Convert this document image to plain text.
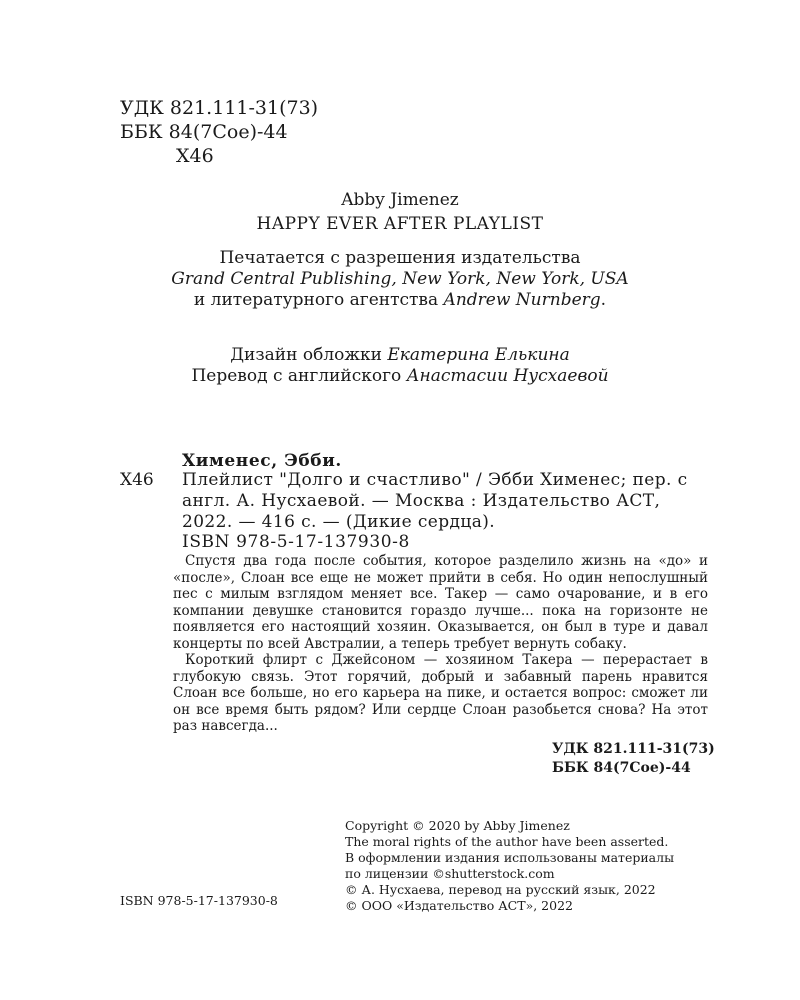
УДК 821.111-31(73)
ББК 84(7Сое)-44
Х46
Abby Jimenez
HAPPY EVER AFTER PLAYLIST
Печатается с разрешения издательства
Grand Central Publishing, New York, New York, USA
и литературного агентства Andrew Nurnberg.
Дизайн обложки Екатерина Елькина
Перевод с английского Анастасии Нусхаевой
Хименес, Эбби.
Х46 Плейлист "Долго и счастливо" / Эбби Хименес; пер. с англ. А. Нусхаевой. — Москва : Издательство АСТ, 2022. — 416 с. — (Дикие сердца).
ISBN 978-5-17-137930-8

Спустя два года после события, которое разделило жизнь на «до» и «после», Слоан все еще не может прийти в себя. Но один непослушный пес с милым взглядом меняет все. Такер — само очарование, и в его компании девушке становится гораздо лучше... пока на горизонте не появляется его настоящий хозяин. Оказывается, он был в туре и давал концерты по всей Австралии, а теперь требует вернуть собаку.

Короткий флирт с Джейсоном — хозяином Такера — перерастает в глубокую связь. Этот горячий, добрый и забавный парень нравится Слоан все больше, но его карьера на пике, и остается вопрос: сможет ли он все время быть рядом? Или сердце Слоан разобьется снова? На этот раз навсегда...

УДК 821.111-31(73)
ББК 84(7Сое)-44
Copyright © 2020 by Abby Jimenez
The moral rights of the author have been asserted.
В оформлении издания использованы материалы
по лицензии ©shutterstock.com
© А. Нусхаева, перевод на русский язык, 2022
© ООО «Издательство АСТ», 2022
ISBN 978-5-17-137930-8
